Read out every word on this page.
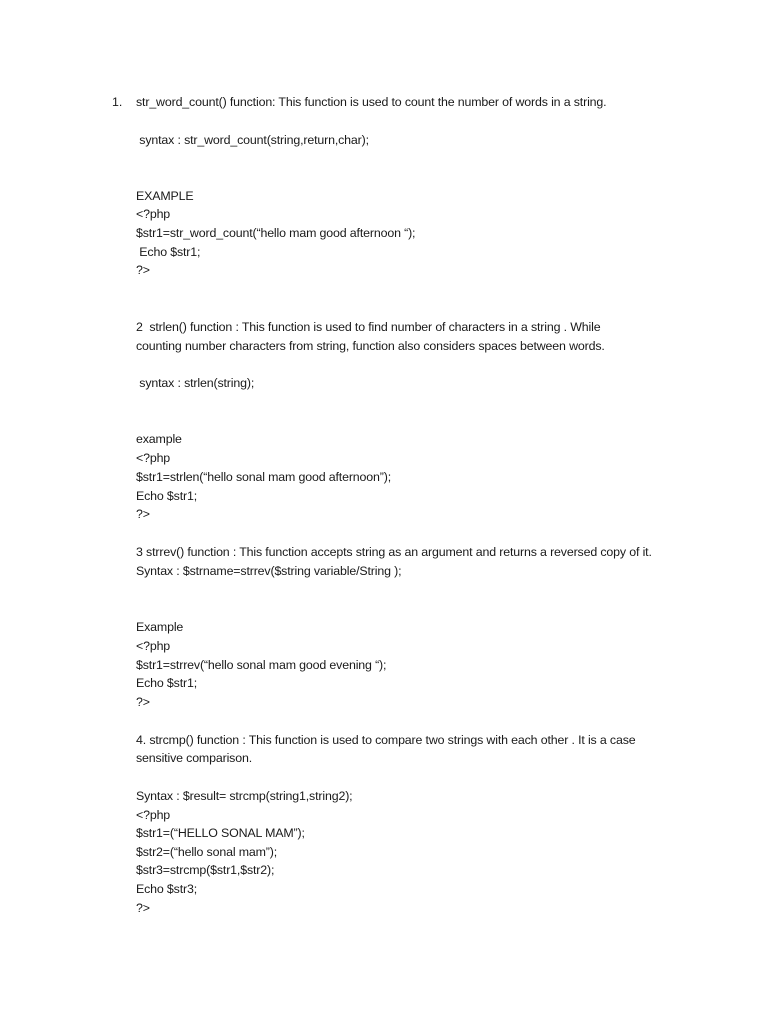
1. str_word_count() function: This function is used to count the number of words in a string.
syntax : str_word_count(string,return,char);
EXAMPLE
<?php
$str1=str_word_count(“hello mam good afternoon “);
Echo $str1;
?>
2  strlen() function : This function is used to find number of characters in a string . While
counting number characters from string, function also considers spaces between words.
syntax : strlen(string);
example
<?php
$str1=strlen(“hello sonal mam good afternoon”);
Echo $str1;
?>
3 strrev() function : This function accepts string as an argument and returns a reversed copy of it.
Syntax : $strname=strrev($string variable/String );
Example
<?php
$str1=strrev(“hello sonal mam good evening “);
Echo $str1;
?>
4. strcmp() function : This function is used to compare two strings with each other . It is a case
sensitive comparison.
Syntax : $result= strcmp(string1,string2);
<?php
$str1=(“HELLO SONAL MAM”);
$str2=(“hello sonal mam”);
$str3=strcmp($str1,$str2);
Echo $str3;
?>
